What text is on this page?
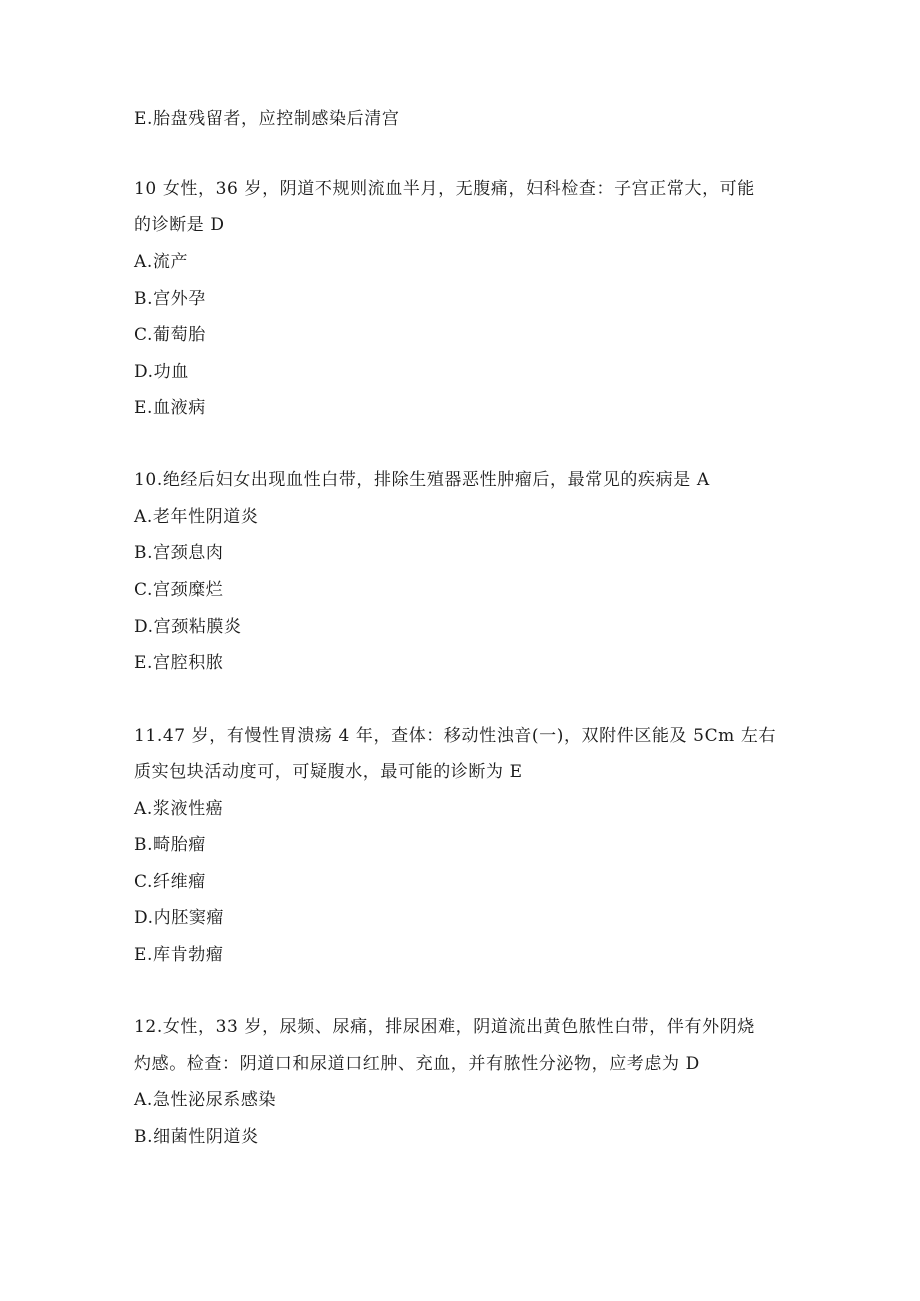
E.胎盘残留者，应控制感染后清宫
10 女性，36 岁，阴道不规则流血半月，无腹痛，妇科检查：子宫正常大，可能
的诊断是 D
A.流产
B.宫外孕
C.葡萄胎
D.功血
E.血液病
10.绝经后妇女出现血性白带，排除生殖器恶性肿瘤后，最常见的疾病是 A
A.老年性阴道炎
B.宫颈息肉
C.宫颈糜烂
D.宫颈粘膜炎
E.宫腔积脓
11.47 岁，有慢性胃溃疡 4 年，查体：移动性浊音(一)，双附件区能及 5Cm 左右
质实包块活动度可，可疑腹水，最可能的诊断为 E
A.浆液性癌
B.畸胎瘤
C.纤维瘤
D.内胚窦瘤
E.库肯勃瘤
12.女性，33 岁，尿频、尿痛，排尿困难，阴道流出黄色脓性白带，伴有外阴烧
灼感。检查：阴道口和尿道口红肿、充血，并有脓性分泌物，应考虑为 D
A.急性泌尿系感染
B.细菌性阴道炎
